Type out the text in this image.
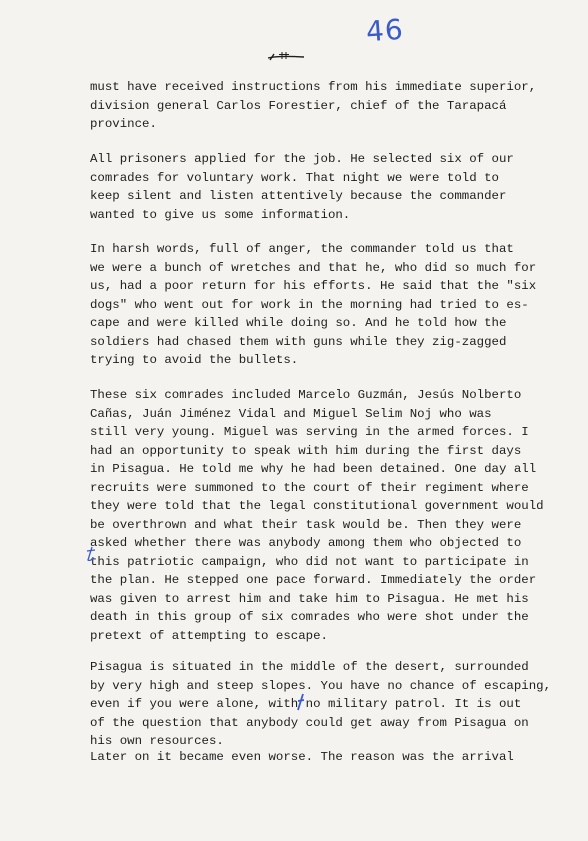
46
must have received instructions from his immediate superior,
division general Carlos Forestier, chief of the Tarapacá
province.
All prisoners applied for the job. He selected six of our
comrades for voluntary work. That night we were told to
keep silent and listen attentively because the commander
wanted to give us some information.
In harsh words, full of anger, the commander told us that
we were a bunch of wretches and that he, who did so much for
us, had a poor return for his efforts. He said that the "six
dogs" who went out for work in the morning had tried to es-
cape and were killed while doing so. And he told how the
soldiers had chased them with guns while they zig-zagged
trying to avoid the bullets.
These six comrades included Marcelo Guzmán, Jesús Nolberto
Cañas, Juán Jiménez Vidal and Miguel Selim Noj who was
still very young. Miguel was serving in the armed forces. I
had an opportunity to speak with him during the first days
in Pisagua. He told me why he had been detained. One day all
recruits were summoned to the court of their regiment where
they were told that the legal constitutional government would
be overthrown and what their task would be. Then they were
asked whether there was anybody among them who objected to
this patriotic campaign, who did not want to participate in
the plan. He stepped one pace forward. Immediately the order
was given to arrest him and take him to Pisagua. He met his
death in this group of six comrades who were shot under the
pretext of attempting to escape.
Pisagua is situated in the middle of the desert, surrounded
by very high and steep slopes. You have no chance of escaping,
even if you were alone, with no military patrol. It is out
of the question that anybody could get away from Pisagua on
his own resources.
Later on it became even worse. The reason was the arrival
